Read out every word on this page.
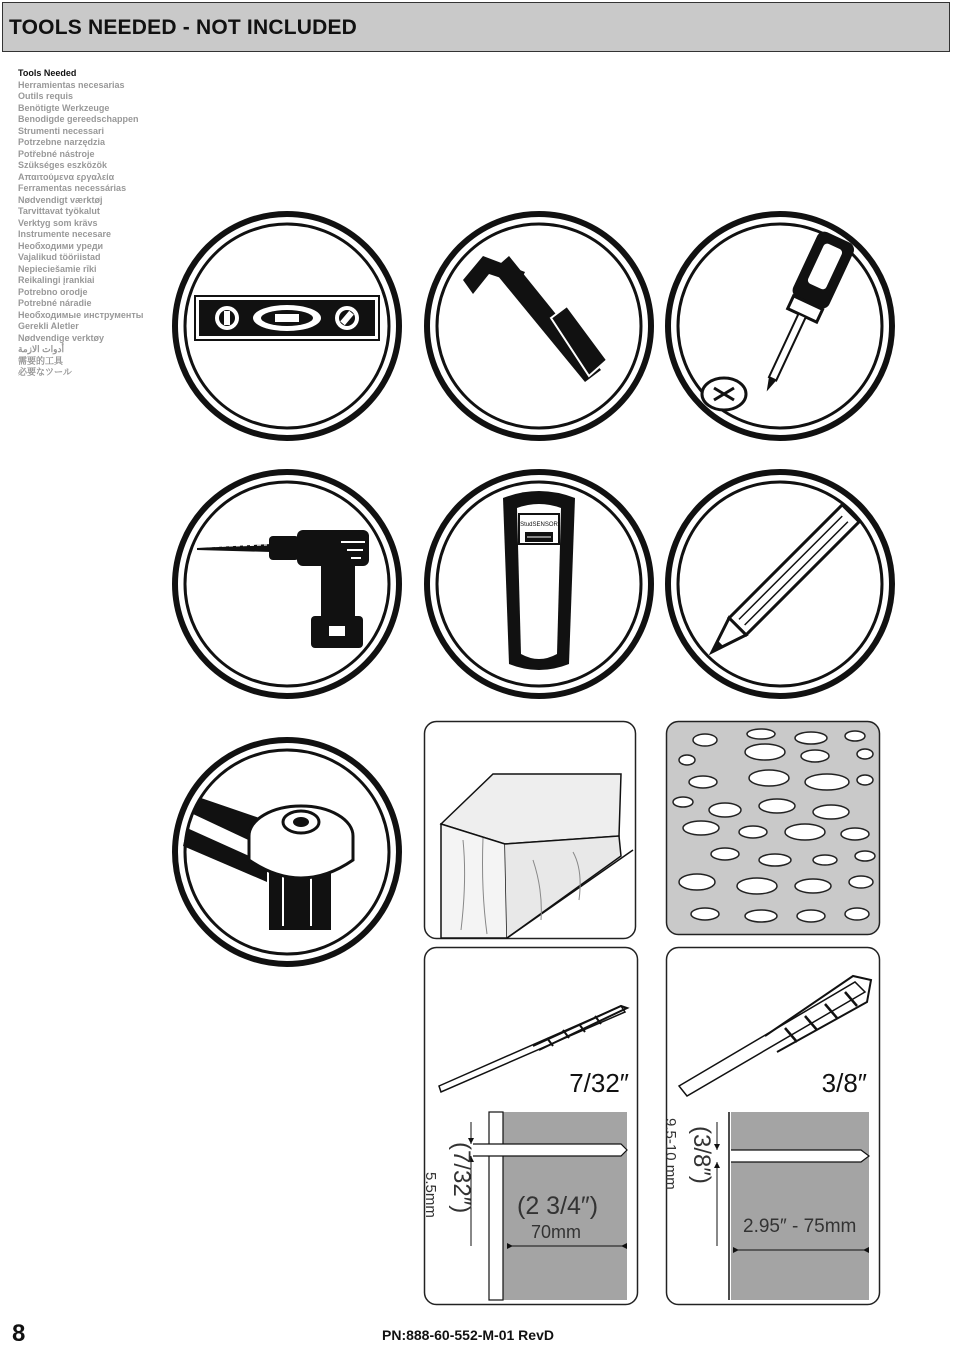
TOOLS NEEDED - NOT INCLUDED
Tools Needed
Herramientas necesarias
Outils requis
Benötigte Werkzeuge
Benodigde gereedschappen
Strumenti necessari
Potrzebne narzędzia
Potřebné nástroje
Szükséges eszközök
Απαιτούμενα εργαλεία
Ferramentas necessárias
Nødvendigt værktøj
Tarvittavat työkalut
Verktyg som krävs
Instrumente necesare
Необходими уреди
Vajalikud tööriistad
Nepieciešamie rīki
Reikalingi įrankiai
Potrebno orodje
Potrebné náradie
Необходимые инструменты
Gerekli Aletler
Nødvendige verktøy
أدوات الازمة
需要的工具
必要なツール
StudSENSOR
7/32″
(2 3/4″)
70mm
(7/32″)
5.5mm
3/8″
2.95″ - 75mm
(3/8″)
9.5-10 mm
8	PN:888-60-552-M-01 RevD
